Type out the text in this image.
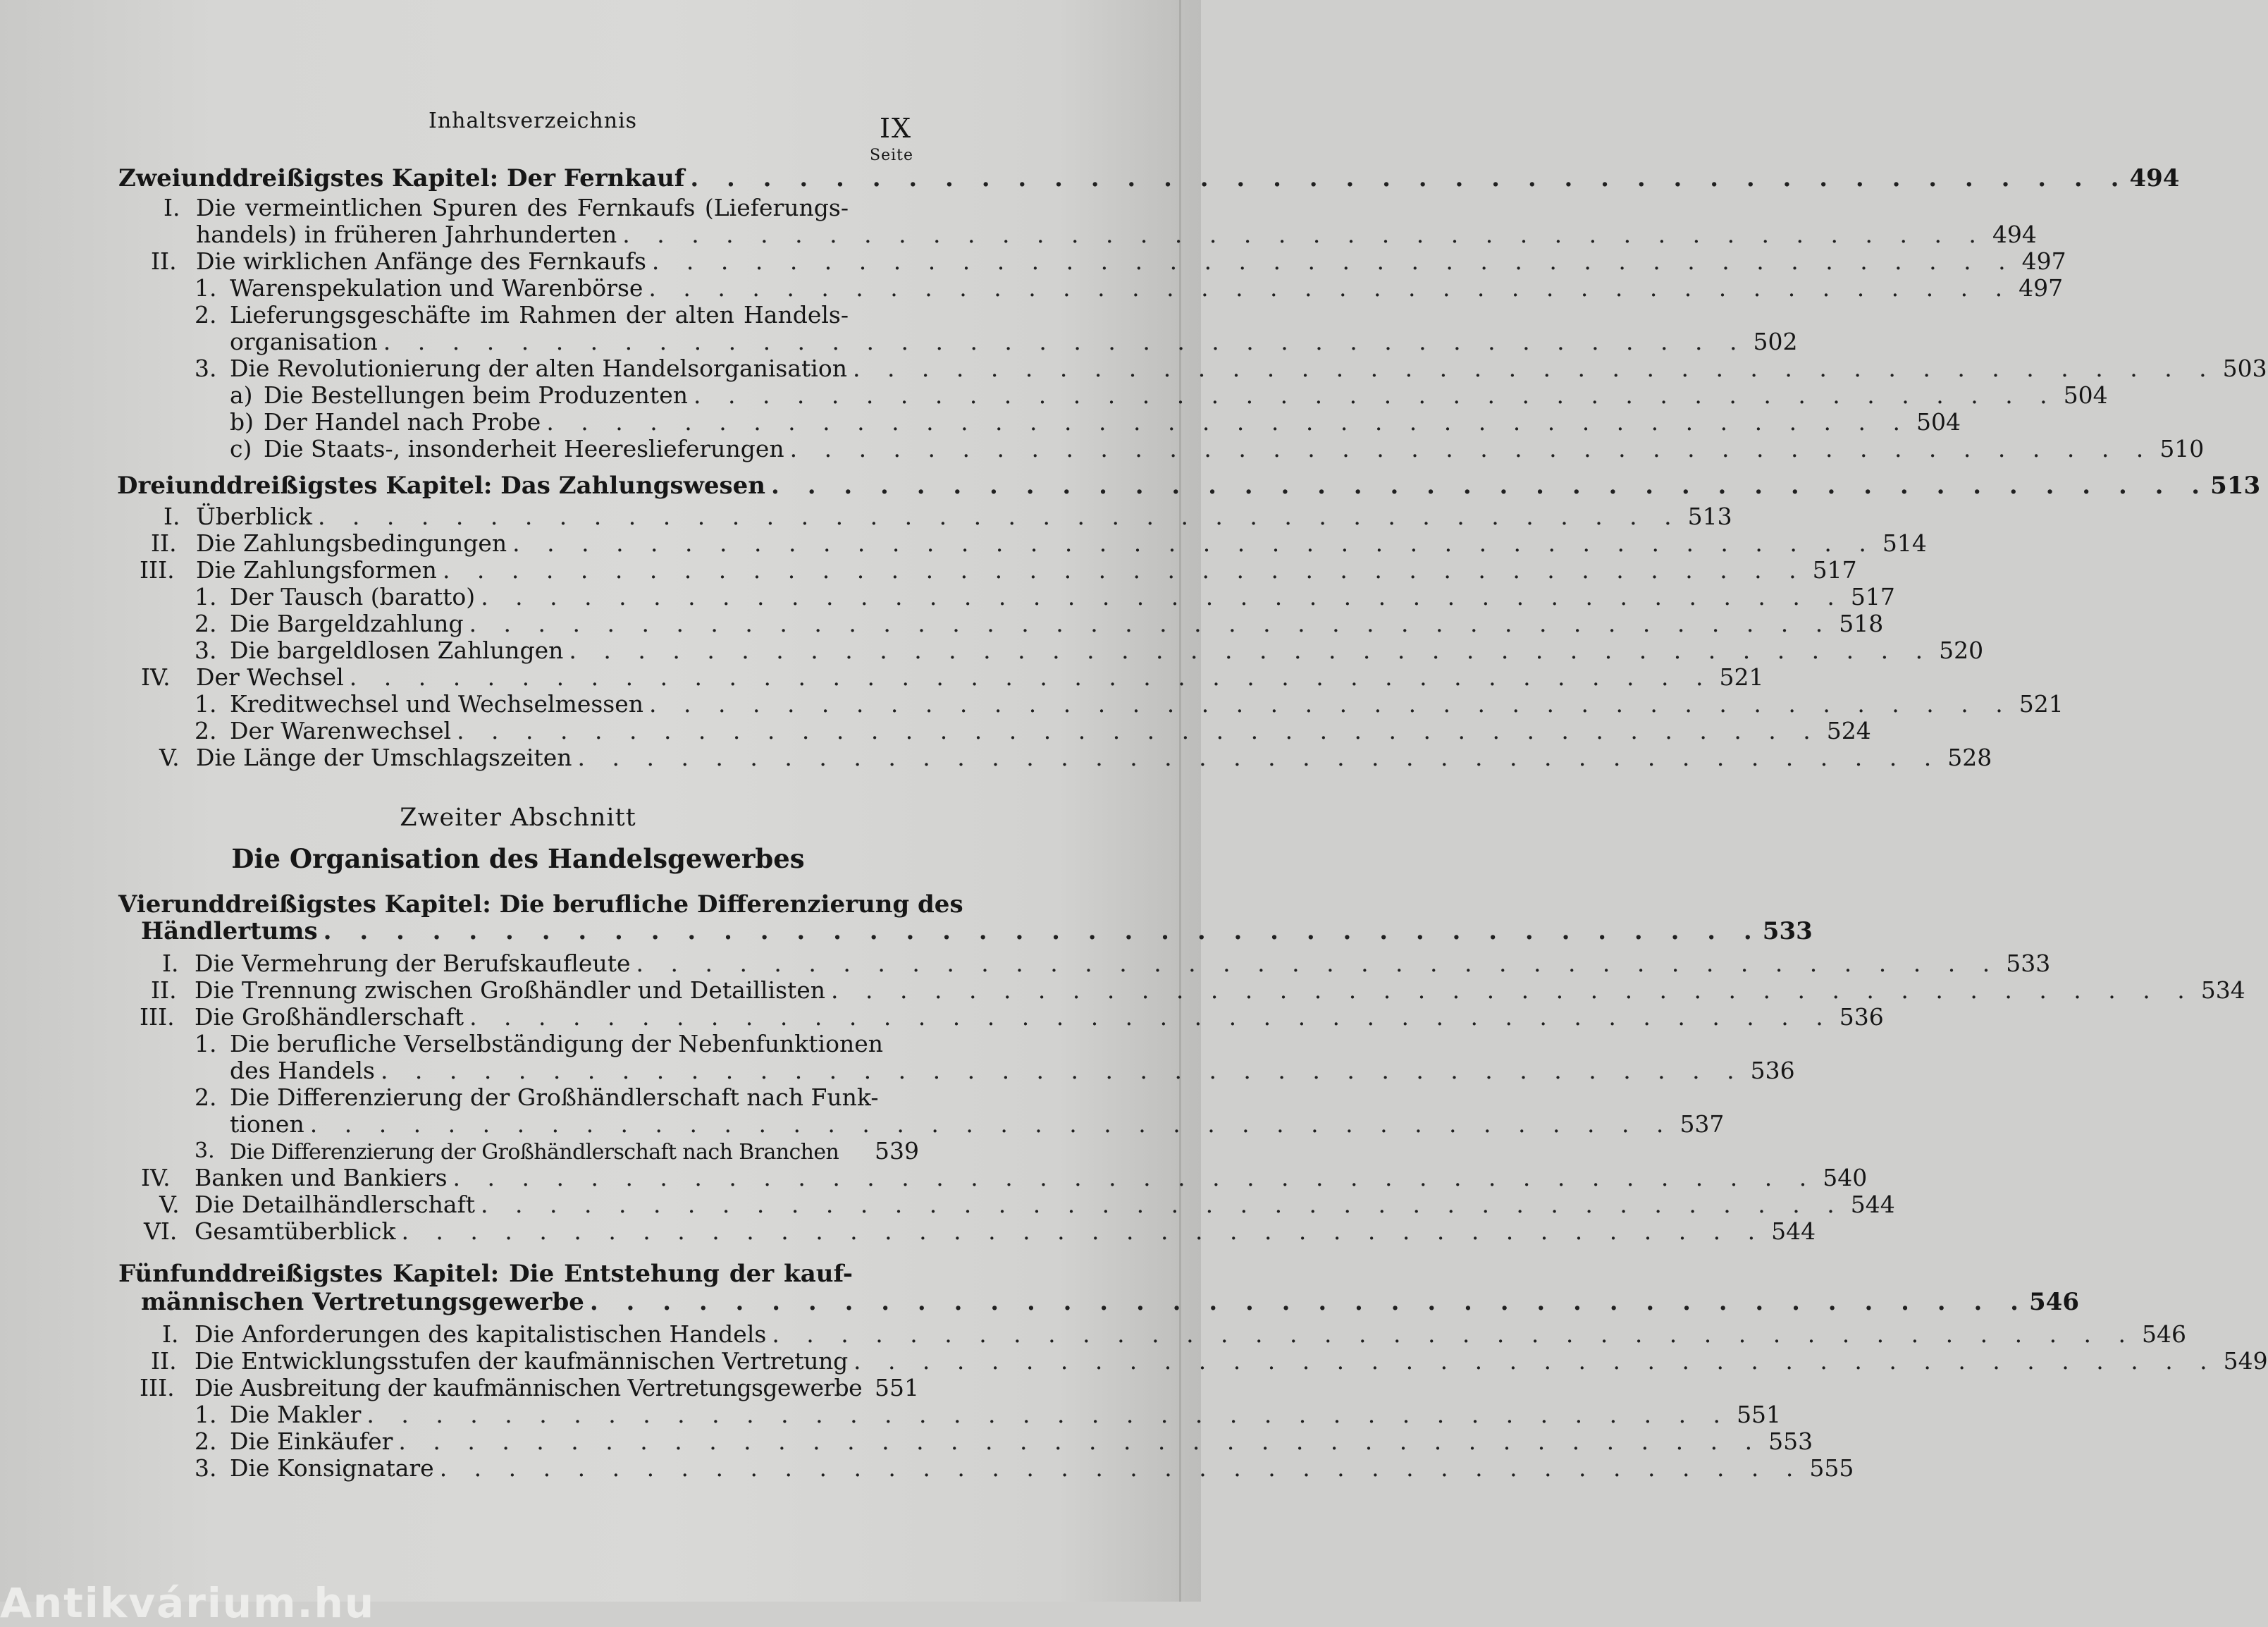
Inhaltsverzeichnis	IX
Seite
Zweiunddreißigstes Kapitel: Der Fernkauf . . . . . . . . . . . . . . . . . . . . . . . . . . . . . . . . . . . . . . . . 494
I. Die vermeintlichen Spuren des Fernkaufs (Lieferungs-
handels) in früheren Jahrhunderten . . . . . . . . . . . . . . . . . . . . . . . . . . . . . . . . . . . . . . . . 494
II. Die wirklichen Anfänge des Fernkaufs . . . . . . . . . . . . . . . . . . . . . . . . . . . . . . . . . . . . . . . . 497
1. Warenspekulation und Warenbörse . . . . . . . . . . . . . . . . . . . . . . . . . . . . . . . . . . . . . . . . 497
2. Lieferungsgeschäfte im Rahmen der alten Handels-
organisation . . . . . . . . . . . . . . . . . . . . . . . . . . . . . . . . . . . . . . . . 502
3. Die Revolutionierung der alten Handelsorganisation . . . . . . . . . . . . . . . . . . . . . . . . . . . . . . . . . . . . . . . . 503
a) Die Bestellungen beim Produzenten . . . . . . . . . . . . . . . . . . . . . . . . . . . . . . . . . . . . . . . . 504
b) Der Handel nach Probe . . . . . . . . . . . . . . . . . . . . . . . . . . . . . . . . . . . . . . . . 504
c) Die Staats-, insonderheit Heereslieferungen . . . . . . . . . . . . . . . . . . . . . . . . . . . . . . . . . . . . . . . . 510
Dreiunddreißigstes Kapitel: Das Zahlungswesen . . . . . . . . . . . . . . . . . . . . . . . . . . . . . . . . . . . . . . . . 513
I. Überblick . . . . . . . . . . . . . . . . . . . . . . . . . . . . . . . . . . . . . . . . 513
II. Die Zahlungsbedingungen . . . . . . . . . . . . . . . . . . . . . . . . . . . . . . . . . . . . . . . . 514
III. Die Zahlungsformen . . . . . . . . . . . . . . . . . . . . . . . . . . . . . . . . . . . . . . . . 517
1. Der Tausch (baratto) . . . . . . . . . . . . . . . . . . . . . . . . . . . . . . . . . . . . . . . . 517
2. Die Bargeldzahlung . . . . . . . . . . . . . . . . . . . . . . . . . . . . . . . . . . . . . . . . 518
3. Die bargeldlosen Zahlungen . . . . . . . . . . . . . . . . . . . . . . . . . . . . . . . . . . . . . . . . 520
IV. Der Wechsel . . . . . . . . . . . . . . . . . . . . . . . . . . . . . . . . . . . . . . . . 521
1. Kreditwechsel und Wechselmessen . . . . . . . . . . . . . . . . . . . . . . . . . . . . . . . . . . . . . . . . 521
2. Der Warenwechsel . . . . . . . . . . . . . . . . . . . . . . . . . . . . . . . . . . . . . . . . 524
V. Die Länge der Umschlagszeiten . . . . . . . . . . . . . . . . . . . . . . . . . . . . . . . . . . . . . . . . 528
Zweiter Abschnitt
Die Organisation des Handelsgewerbes
Vierunddreißigstes Kapitel: Die berufliche Differenzierung des
Händlertums . . . . . . . . . . . . . . . . . . . . . . . . . . . . . . . . . . . . . . . . 533
I. Die Vermehrung der Berufskaufleute . . . . . . . . . . . . . . . . . . . . . . . . . . . . . . . . . . . . . . . . 533
II. Die Trennung zwischen Großhändler und Detaillisten . . . . . . . . . . . . . . . . . . . . . . . . . . . . . . . . . . . . . . . . 534
III. Die Großhändlerschaft . . . . . . . . . . . . . . . . . . . . . . . . . . . . . . . . . . . . . . . . 536
1. Die berufliche Verselbständigung der Nebenfunktionen
des Handels . . . . . . . . . . . . . . . . . . . . . . . . . . . . . . . . . . . . . . . . 536
2. Die Differenzierung der Großhändlerschaft nach Funk-
tionen . . . . . . . . . . . . . . . . . . . . . . . . . . . . . . . . . . . . . . . . 537
3. Die Differenzierung der Großhändlerschaft nach Branchen 539
IV. Banken und Bankiers . . . . . . . . . . . . . . . . . . . . . . . . . . . . . . . . . . . . . . . . 540
V. Die Detailhändlerschaft . . . . . . . . . . . . . . . . . . . . . . . . . . . . . . . . . . . . . . . . 544
VI. Gesamtüberblick . . . . . . . . . . . . . . . . . . . . . . . . . . . . . . . . . . . . . . . . 544
Fünfunddreißigstes Kapitel: Die Entstehung der kauf-
männischen Vertretungsgewerbe . . . . . . . . . . . . . . . . . . . . . . . . . . . . . . . . . . . . . . . . 546
I. Die Anforderungen des kapitalistischen Handels . . . . . . . . . . . . . . . . . . . . . . . . . . . . . . . . . . . . . . . . 546
II. Die Entwicklungsstufen der kaufmännischen Vertretung . . . . . . . . . . . . . . . . . . . . . . . . . . . . . . . . . . . . . . . . 549
III. Die Ausbreitung der kaufmännischen Vertretungsgewerbe 551
1. Die Makler . . . . . . . . . . . . . . . . . . . . . . . . . . . . . . . . . . . . . . . . 551
2. Die Einkäufer . . . . . . . . . . . . . . . . . . . . . . . . . . . . . . . . . . . . . . . . 553
3. Die Konsignatare . . . . . . . . . . . . . . . . . . . . . . . . . . . . . . . . . . . . . . . . 555
Antikvárium.hu
